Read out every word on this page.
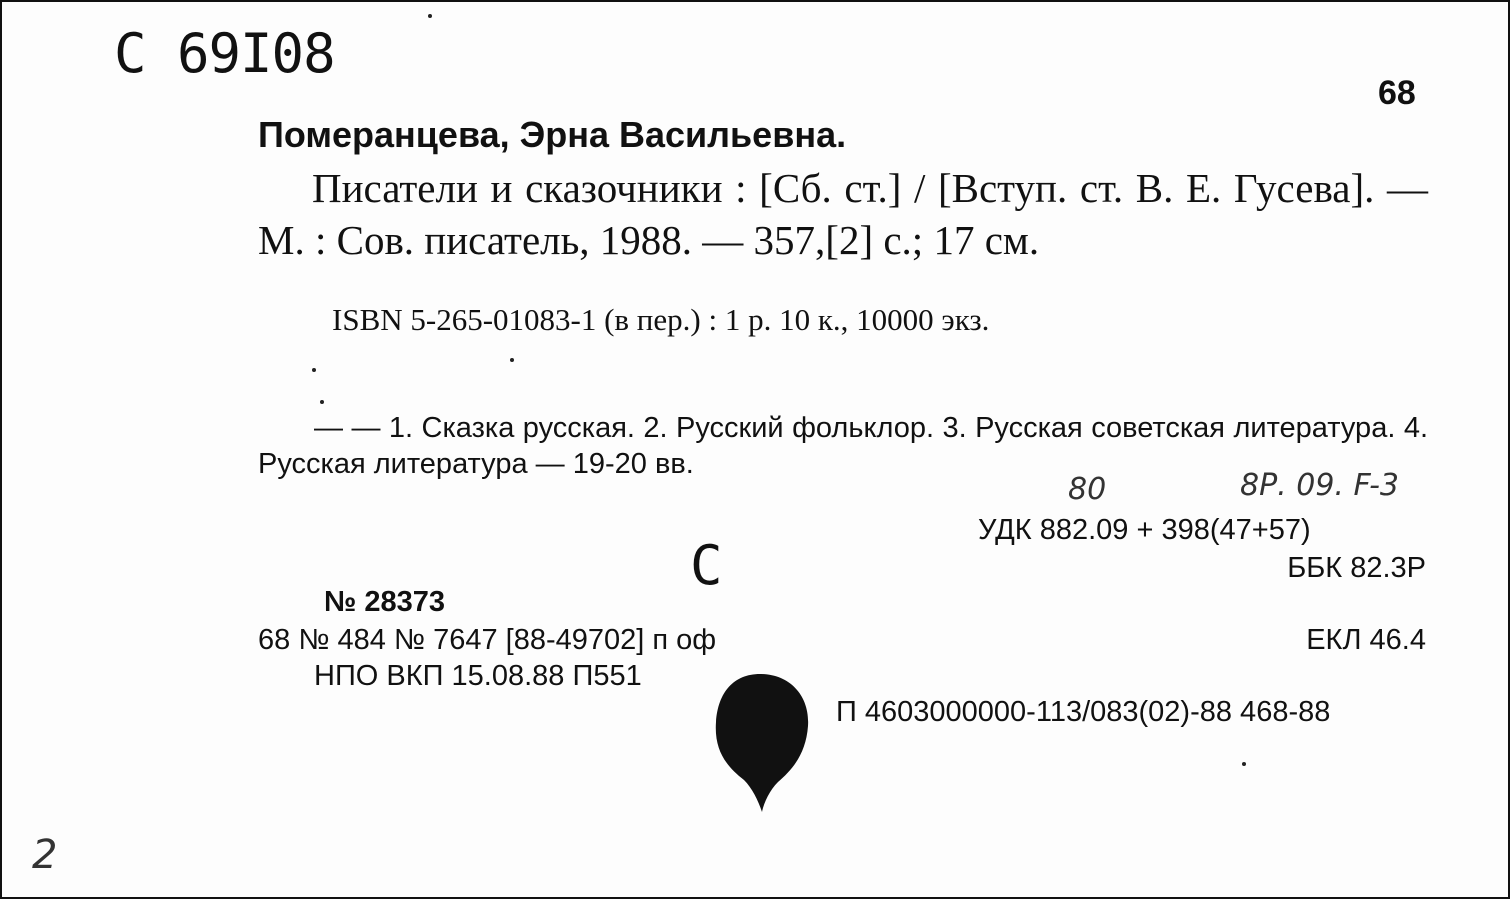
С 69I08
68
Померанцева, Эрна Васильевна.
Писатели и сказочники : [Сб. ст.] / [Вступ. ст. В. Е. Гусева]. — М. : Сов. писатель, 1988. — 357,[2] с.; 17 см.
ISBN 5-265-01083-1 (в пер.) : 1 р. 10 к., 10000 экз.
— — 1. Сказка русская. 2. Русский фольклор. 3. Русская советская литература. 4. Русская литература — 19-20 вв.
80	8Р. 09. F-3
УДК 882.09 + 398(47+57)
С	ББК 82.3Р
№ 28373
68 № 484 № 7647 [88-49702] п оф	ЕКЛ 46.4
НПО ВКП 15.08.88 П551
П 4603000000-113/083(02)-88 468-88
2
